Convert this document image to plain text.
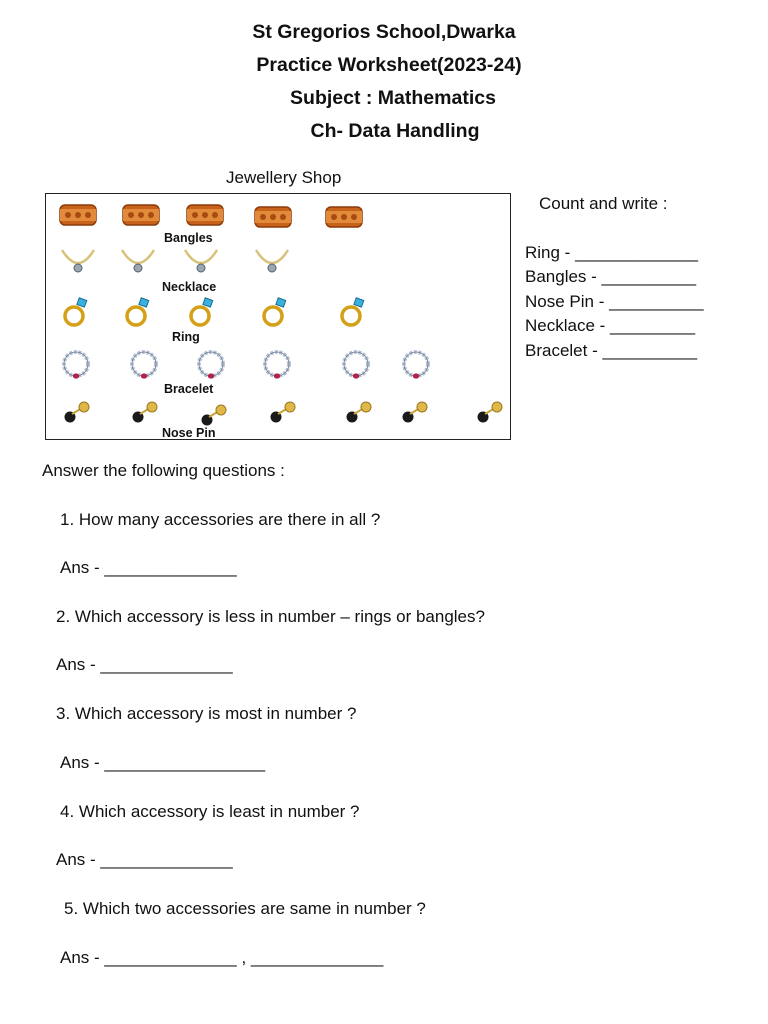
St Gregorios School,Dwarka
Practice Worksheet(2023-24)
Subject : Mathematics
Ch- Data Handling
Jewellery Shop
Bangles
Necklace
Ring
Bracelet
Nose Pin
Count and write :
Ring - _____________
Bangles - __________
Nose Pin - __________
Necklace - _________
Bracelet - __________
Answer the following questions :
1. How many accessories are there in all ?
Ans - ______________
2. Which accessory is less in number – rings or bangles?
Ans - ______________
3. Which accessory is most in number ?
Ans - _________________
4. Which accessory is least in number ?
Ans - ______________
5. Which two accessories are same in number ?
Ans - ______________ , ______________
